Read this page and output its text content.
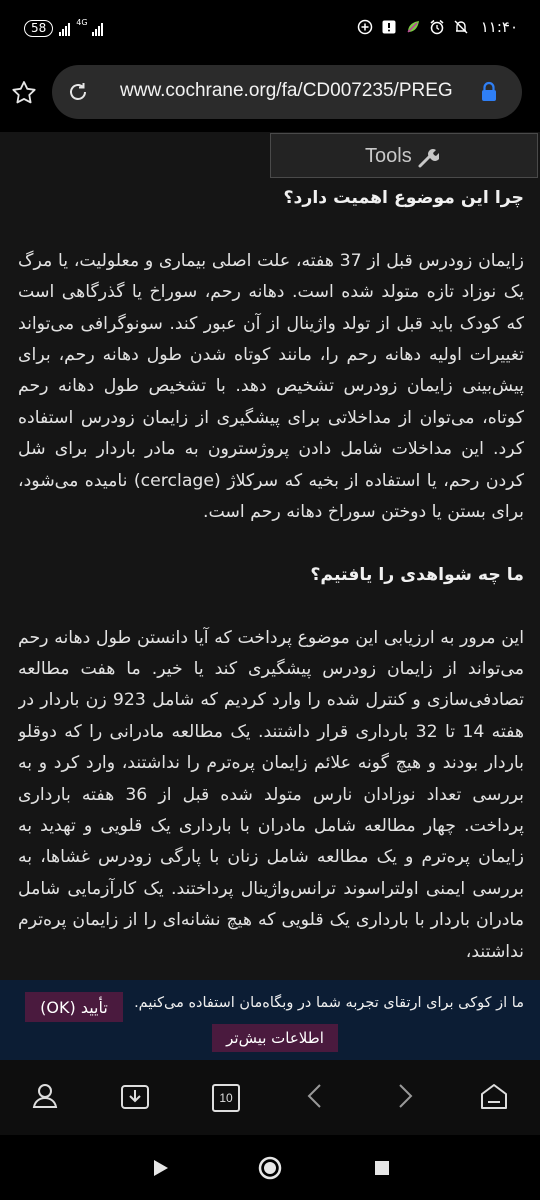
58	4G	۱۱:۴۰
www.cochrane.org/fa/CD007235/PREG
Tools
چرا این موضوع اهمیت دارد؟

زایمان زودرس قبل از 37 هفته، علت اصلی بیماری و معلولیت، یا مرگ یک نوزاد تازه متولد شده است. دهانه رحم، سوراخ یا گذرگاهی است که کودک باید قبل از تولد واژینال از آن عبور کند. سونوگرافی می‌تواند تغییرات اولیه دهانه رحم را، مانند کوتاه شدن طول دهانه رحم، برای پیش‌بینی زایمان زودرس تشخیص دهد. با تشخیص طول دهانه رحم کوتاه، می‌توان از مداخلاتی برای پیشگیری از زایمان زودرس استفاده کرد. این مداخلات شامل دادن پروژسترون به مادر باردار برای شل کردن رحم، یا استفاده از بخیه که سرکلاژ (cerclage) نامیده می‌شود، برای بستن یا دوختن سوراخ دهانه رحم است.

ما چه شواهدی را یافتیم؟

این مرور به ارزیابی این موضوع پرداخت که آیا دانستن طول دهانه رحم می‌تواند از زایمان زودرس پیشگیری کند یا خیر. ما هفت مطالعه تصادفی‌سازی و کنترل شده را وارد کردیم که شامل 923 زن باردار در هفته 14 تا 32 بارداری قرار داشتند. یک مطالعه مادرانی را که دوقلو باردار بودند و هیچ گونه علائم زایمان پره‌ترم را نداشتند، وارد کرد و به بررسی تعداد نوزادان نارس متولد شده قبل از 36 هفته بارداری پرداخت. چهار مطالعه شامل مادران با بارداری یک قلویی و تهدید به زایمان پره‌ترم و یک مطالعه شامل زنان با پارگی زودرس غشاها، به بررسی ایمنی اولتراسوند ترانس‌واژینال پرداختند. یک کارآزمایی شامل مادران باردار با بارداری یک قلویی که هیچ نشانه‌ای را از زایمان پره‌ترم نداشتند،

ما از کوکی برای ارتقای تجربه شما در وبگاه‌مان استفاده می‌کنیم.
تأیید (OK)
اطلاعات بیش‌تر
10
